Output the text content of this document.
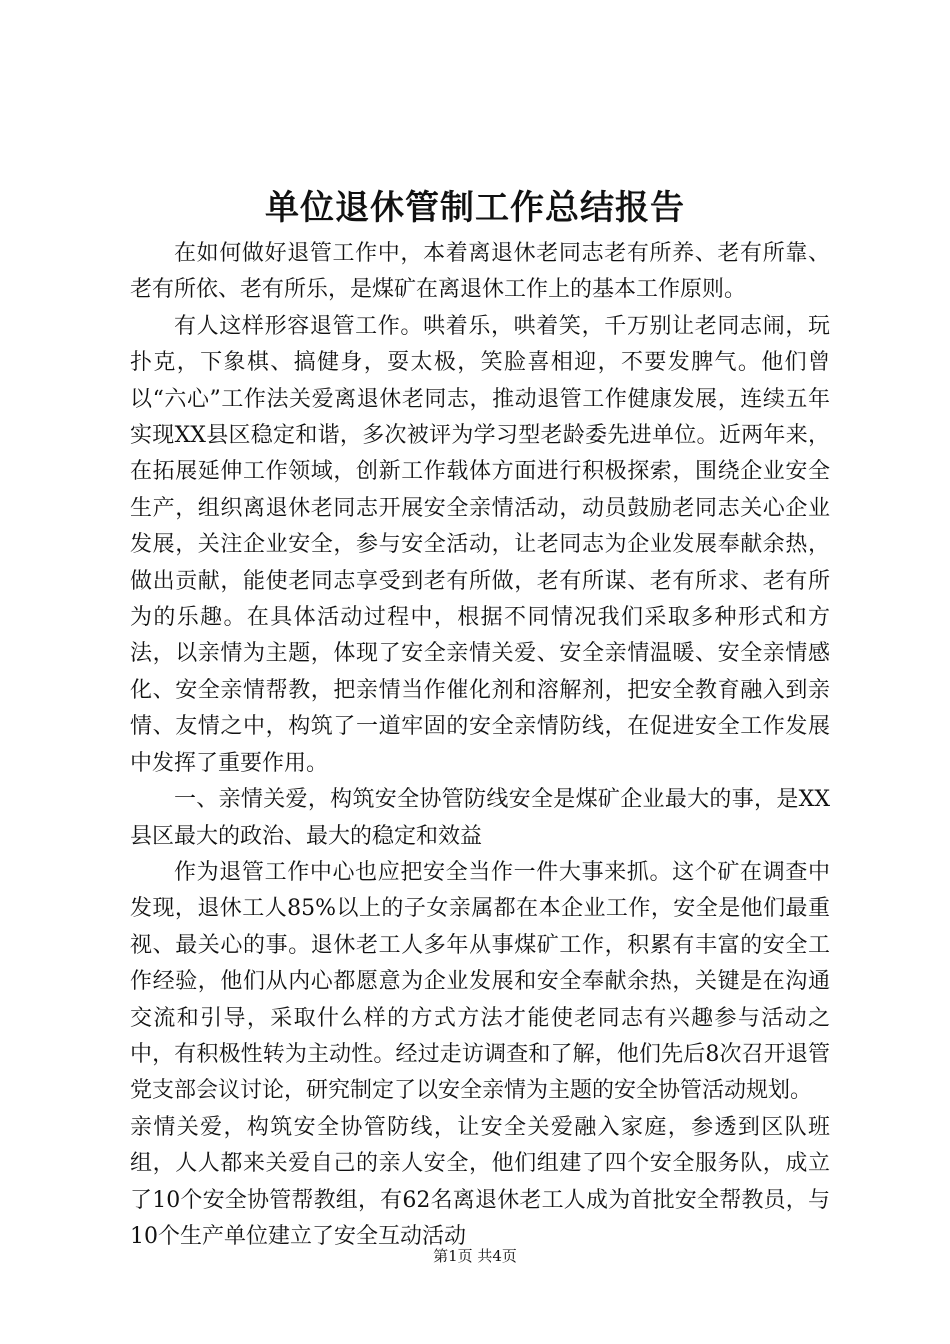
单位退休管制工作总结报告

在如何做好退管工作中，本着离退休老同志老有所养、老有所靠、老有所依、老有所乐，是煤矿在离退休工作上的基本工作原则。

有人这样形容退管工作。哄着乐，哄着笑，千万别让老同志闹，玩扑克，下象棋、搞健身，耍太极，笑脸喜相迎，不要发脾气。他们曾以“六心”工作法关爱离退休老同志，推动退管工作健康发展，连续五年实现XX县区稳定和谐，多次被评为学习型老龄委先进单位。近两年来，在拓展延伸工作领域，创新工作载体方面进行积极探索，围绕企业安全生产，组织离退休老同志开展安全亲情活动，动员鼓励老同志关心企业发展，关注企业安全，参与安全活动，让老同志为企业发展奉献余热，做出贡献，能使老同志享受到老有所做，老有所谋、老有所求、老有所为的乐趣。在具体活动过程中，根据不同情况我们采取多种形式和方法，以亲情为主题，体现了安全亲情关爱、安全亲情温暖、安全亲情感化、安全亲情帮教，把亲情当作催化剂和溶解剂，把安全教育融入到亲情、友情之中，构筑了一道牢固的安全亲情防线，在促进安全工作发展中发挥了重要作用。

一、亲情关爱，构筑安全协管防线安全是煤矿企业最大的事，是XX县区最大的政治、最大的稳定和效益

作为退管工作中心也应把安全当作一件大事来抓。这个矿在调查中发现，退休工人85%以上的子女亲属都在本企业工作，安全是他们最重视、最关心的事。退休老工人多年从事煤矿工作，积累有丰富的安全工作经验，他们从内心都愿意为企业发展和安全奉献余热，关键是在沟通交流和引导，采取什么样的方式方法才能使老同志有兴趣参与活动之中，有积极性转为主动性。经过走访调查和了解，他们先后8次召开退管党支部会议讨论，研究制定了以安全亲情为主题的安全协管活动规划。

亲情关爱，构筑安全协管防线，让安全关爱融入家庭，参透到区队班组，人人都来关爱自己的亲人安全，他们组建了四个安全服务队，成立了10个安全协管帮教组，有62名离退休老工人成为首批安全帮教员，与10个生产单位建立了安全互动活动

第1页 共4页
